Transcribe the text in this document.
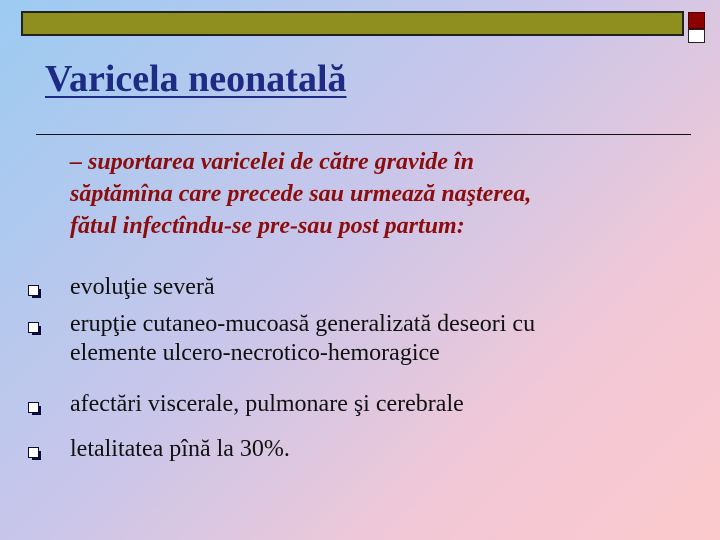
Varicela neonatală
– suportarea varicelei de către gravide în
săptămîna care precede sau urmează naşterea,
fătul infectîndu-se pre-sau post partum:
evoluţie severă
erupţie cutaneo-mucoasă generalizată deseori cu
elemente ulcero-necrotico-hemoragice
afectări viscerale, pulmonare şi cerebrale
letalitatea pînă la 30%.
